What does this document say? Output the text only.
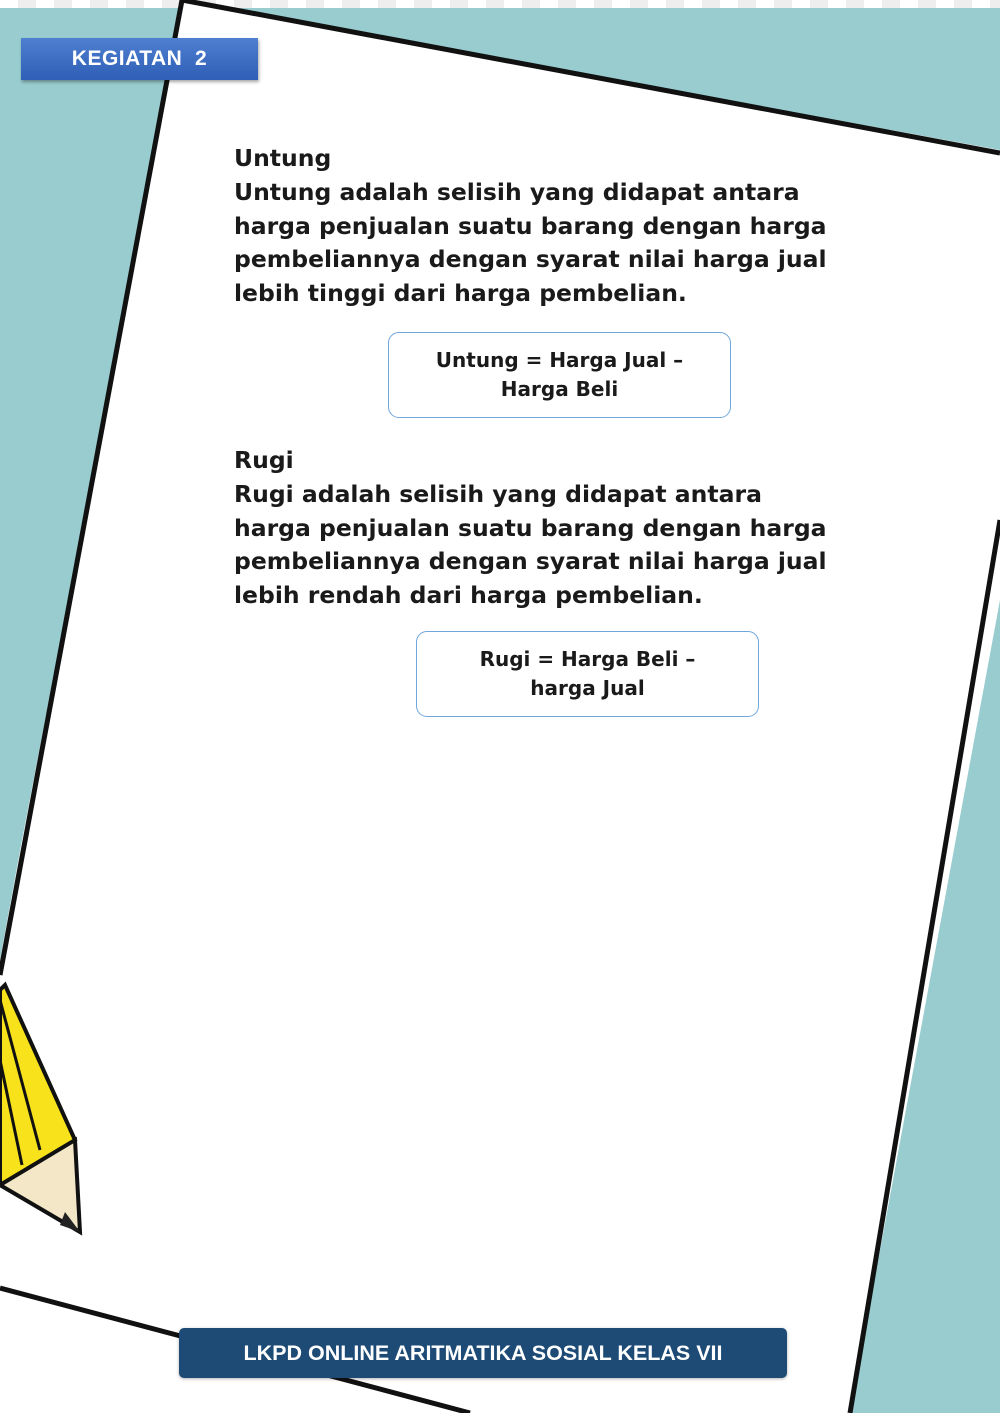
KEGIATAN  2
Untung
Untung adalah selisih yang didapat antara harga penjualan suatu barang dengan harga pembeliannya dengan syarat nilai harga jual lebih tinggi dari harga pembelian.
Untung = Harga Jual – Harga Beli
Rugi
Rugi adalah selisih yang didapat antara harga penjualan suatu barang dengan harga pembeliannya dengan syarat nilai harga jual lebih rendah dari harga pembelian.
Rugi = Harga Beli – harga Jual
LKPD ONLINE ARITMATIKA SOSIAL KELAS VII
